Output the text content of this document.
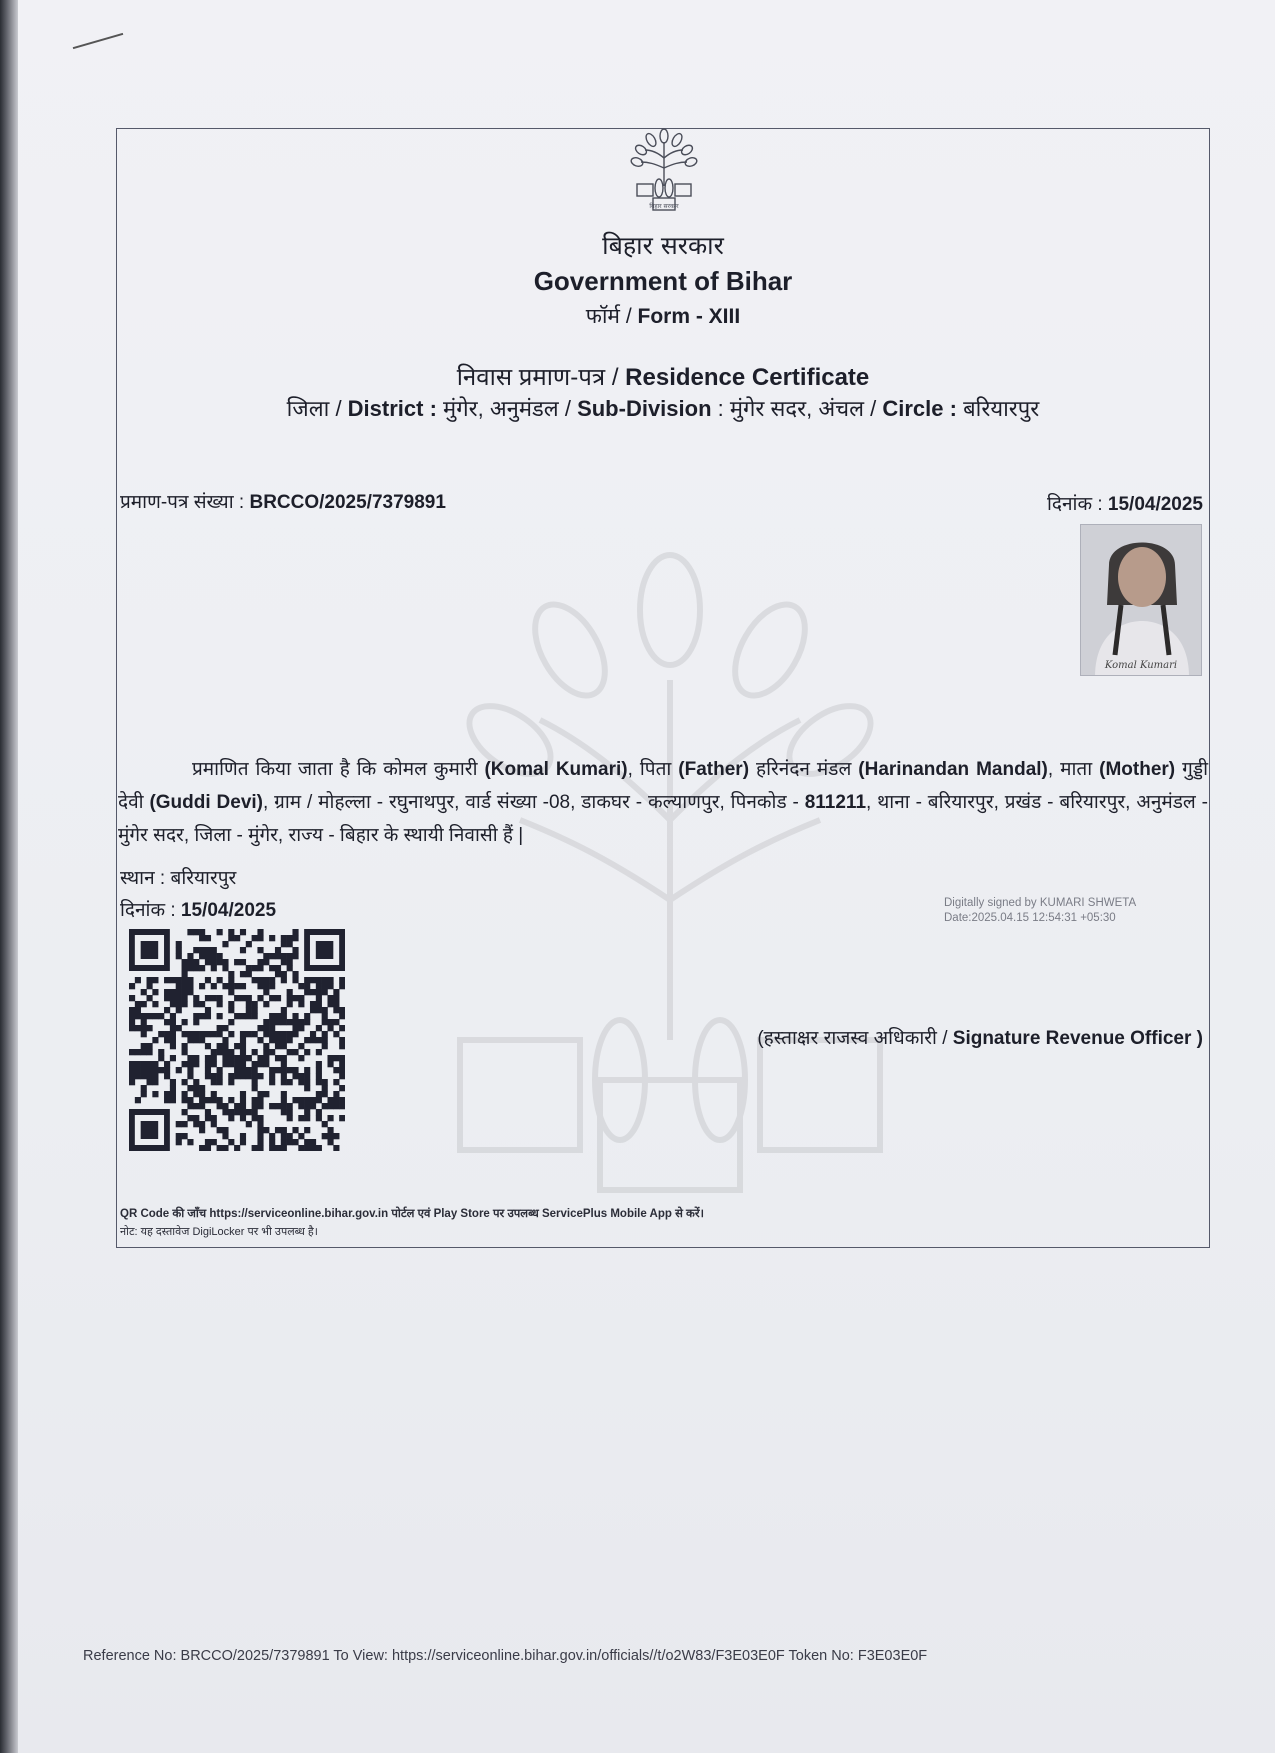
बिहार सरकार
बिहार सरकार
Government of Bihar
फॉर्म / Form - XIII
निवास प्रमाण-पत्र / Residence Certificate
जिला / District : मुंगेर, अनुमंडल / Sub-Division : मुंगेर सदर, अंचल / Circle : बरियारपुर
प्रमाण-पत्र संख्या : BRCCO/2025/7379891	दिनांक : 15/04/2025
Komal Kumari

प्रमाणित किया जाता है कि कोमल कुमारी (Komal Kumari), पिता (Father) हरिनंदन मंडल (Harinandan Mandal), माता (Mother) गुड्डी देवी (Guddi Devi), ग्राम / मोहल्ला - रघुनाथपुर, वार्ड संख्या -08, डाकघर - कल्याणपुर, पिनकोड - 811211, थाना - बरियारपुर, प्रखंड - बरियारपुर, अनुमंडल - मुंगेर सदर, जिला - मुंगेर, राज्य - बिहार के स्थायी निवासी हैं |

स्थान : बरियारपुर
दिनांक : 15/04/2025	Digitally signed by KUMARI SHWETA
Date:2025.04.15 12:54:31 +05:30
(हस्ताक्षर राजस्व अधिकारी / Signature Revenue Officer )
QR Code की जाँच https://serviceonline.bihar.gov.in पोर्टल एवं Play Store पर उपलब्ध ServicePlus Mobile App से करें।
नोट: यह दस्तावेज DigiLocker पर भी उपलब्ध है।
Reference No: BRCCO/2025/7379891 To View: https://serviceonline.bihar.gov.in/officials//t/o2W83/F3E03E0F Token No: F3E03E0F
